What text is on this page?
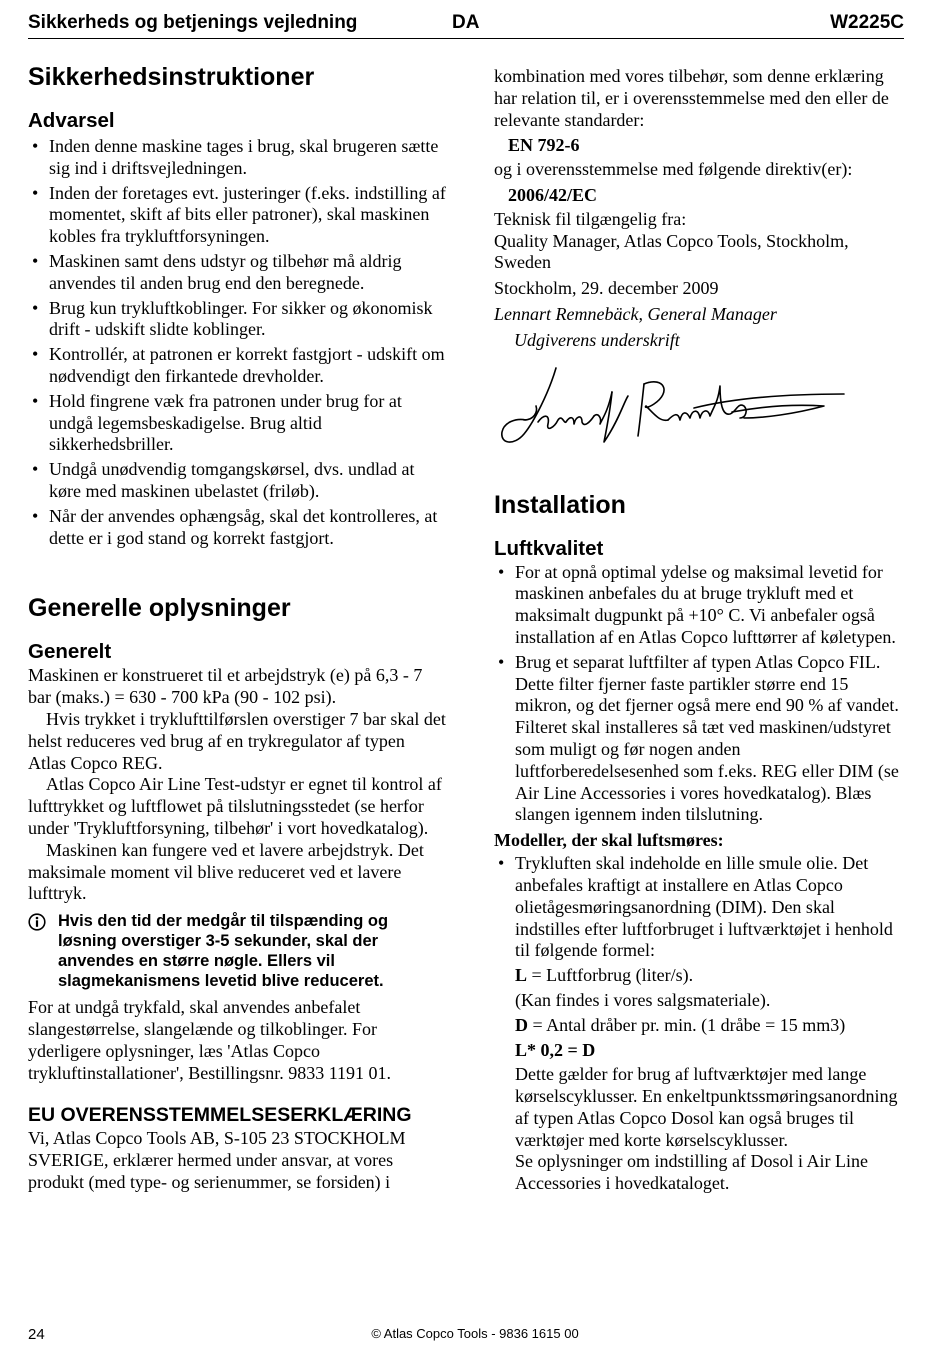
Sikkerheds og betjenings vejledning	DA	W2225C
Sikkerhedsinstruktioner
Advarsel
• Inden denne maskine tages i brug, skal brugeren sætte sig ind i driftsvejledningen.
• Inden der foretages evt. justeringer (f.eks. indstilling af momentet, skift af bits eller patroner), skal maskinen kobles fra trykluftforsyningen.
• Maskinen samt dens udstyr og tilbehør må aldrig anvendes til anden brug end den beregnede.
• Brug kun trykluftkoblinger. For sikker og økonomisk drift - udskift slidte koblinger.
• Kontrollér, at patronen er korrekt fastgjort - udskift om nødvendigt den firkantede drevholder.
• Hold fingrene væk fra patronen under brug for at undgå legemsbeskadigelse. Brug altid sikkerhedsbriller.
• Undgå unødvendig tomgangskørsel, dvs. undlad at køre med maskinen ubelastet (friløb).
• Når der anvendes ophængsåg, skal det kontrolleres, at dette er i god stand og korrekt fastgjort.
Generelle oplysninger
Generelt

Maskinen er konstrueret til et arbejdstryk (e) på 6,3 - 7 bar (maks.) = 630 - 700 kPa (90 - 102 psi).

Hvis trykket i tryklufttilførslen overstiger 7 bar skal det helst reduceres ved brug af en trykregulator af typen Atlas Copco REG.

Atlas Copco Air Line Test-udstyr er egnet til kontrol af lufttrykket og luftflowet på tilslutningsstedet (se herfor under 'Trykluftforsyning, tilbehør' i vort hovedkatalog).

Maskinen kan fungere ved et lavere arbejdstryk. Det maksimale moment vil blive reduceret ved et lavere lufttryk.

Hvis den tid der medgår til tilspænding og løsning overstiger 3-5 sekunder, skal der anvendes en større nøgle. Ellers vil slagmekanismens levetid blive reduceret.

For at undgå trykfald, skal anvendes anbefalet slangestørrelse, slangelænde og tilkoblinger. For yderligere oplysninger, læs 'Atlas Copco trykluftinstallationer', Bestillingsnr. 9833 1191 01.

EU OVERENSSTEMMELSESERKLÆRING

Vi, Atlas Copco Tools AB, S-105 23 STOCKHOLM SVERIGE, erklærer hermed under ansvar, at vores produkt (med type- og serienummer, se forsiden) i

kombination med vores tilbehør, som denne erklæring har relation til, er i overensstemmelse med den eller de relevante standarder:

EN 792-6

og i overensstemmelse med følgende direktiv(er):

2006/42/EC

Teknisk fil tilgængelig fra:

Quality Manager, Atlas Copco Tools, Stockholm, Sweden

Stockholm, 29. december 2009

Lennart Remnebäck, General Manager

Udgiverens underskrift

Installation
Luftkvalitet
• For at opnå optimal ydelse og maksimal levetid for maskinen anbefales du at bruge trykluft med et maksimalt dugpunkt på +10° C. Vi anbefaler også installation af en Atlas Copco lufttørrer af køletypen.
• Brug et separat luftfilter af typen Atlas Copco FIL. Dette filter fjerner faste partikler større end 15 mikron, og det fjerner også mere end 90 % af vandet. Filteret skal installeres så tæt ved maskinen/udstyret som muligt og før nogen anden luftforberedelsesenhed som f.eks. REG eller DIM (se Air Line Accessories i vores hovedkatalog). Blæs slangen igennem inden tilslutning.
Modeller, der skal luftsmøres:
• Trykluften skal indeholde en lille smule olie. Det anbefales kraftigt at installere en Atlas Copco olietågesmøringsanordning (DIM). Den skal indstilles efter luftforbruget i luftværktøjet i henhold til følgende formel:
L = Luftforbrug (liter/s).
(Kan findes i vores salgsmateriale).
D = Antal dråber pr. min. (1 dråbe = 15 mm3)
L* 0,2 = D
Dette gælder for brug af luftværktøjer med lange kørselscyklusser. En enkeltpunktssmøringsanordning af typen Atlas Copco Dosol kan også bruges til værktøjer med korte kørselscyklusser.
Se oplysninger om indstilling af Dosol i Air Line Accessories i hovedkataloget.
24	© Atlas Copco Tools - 9836 1615 00
